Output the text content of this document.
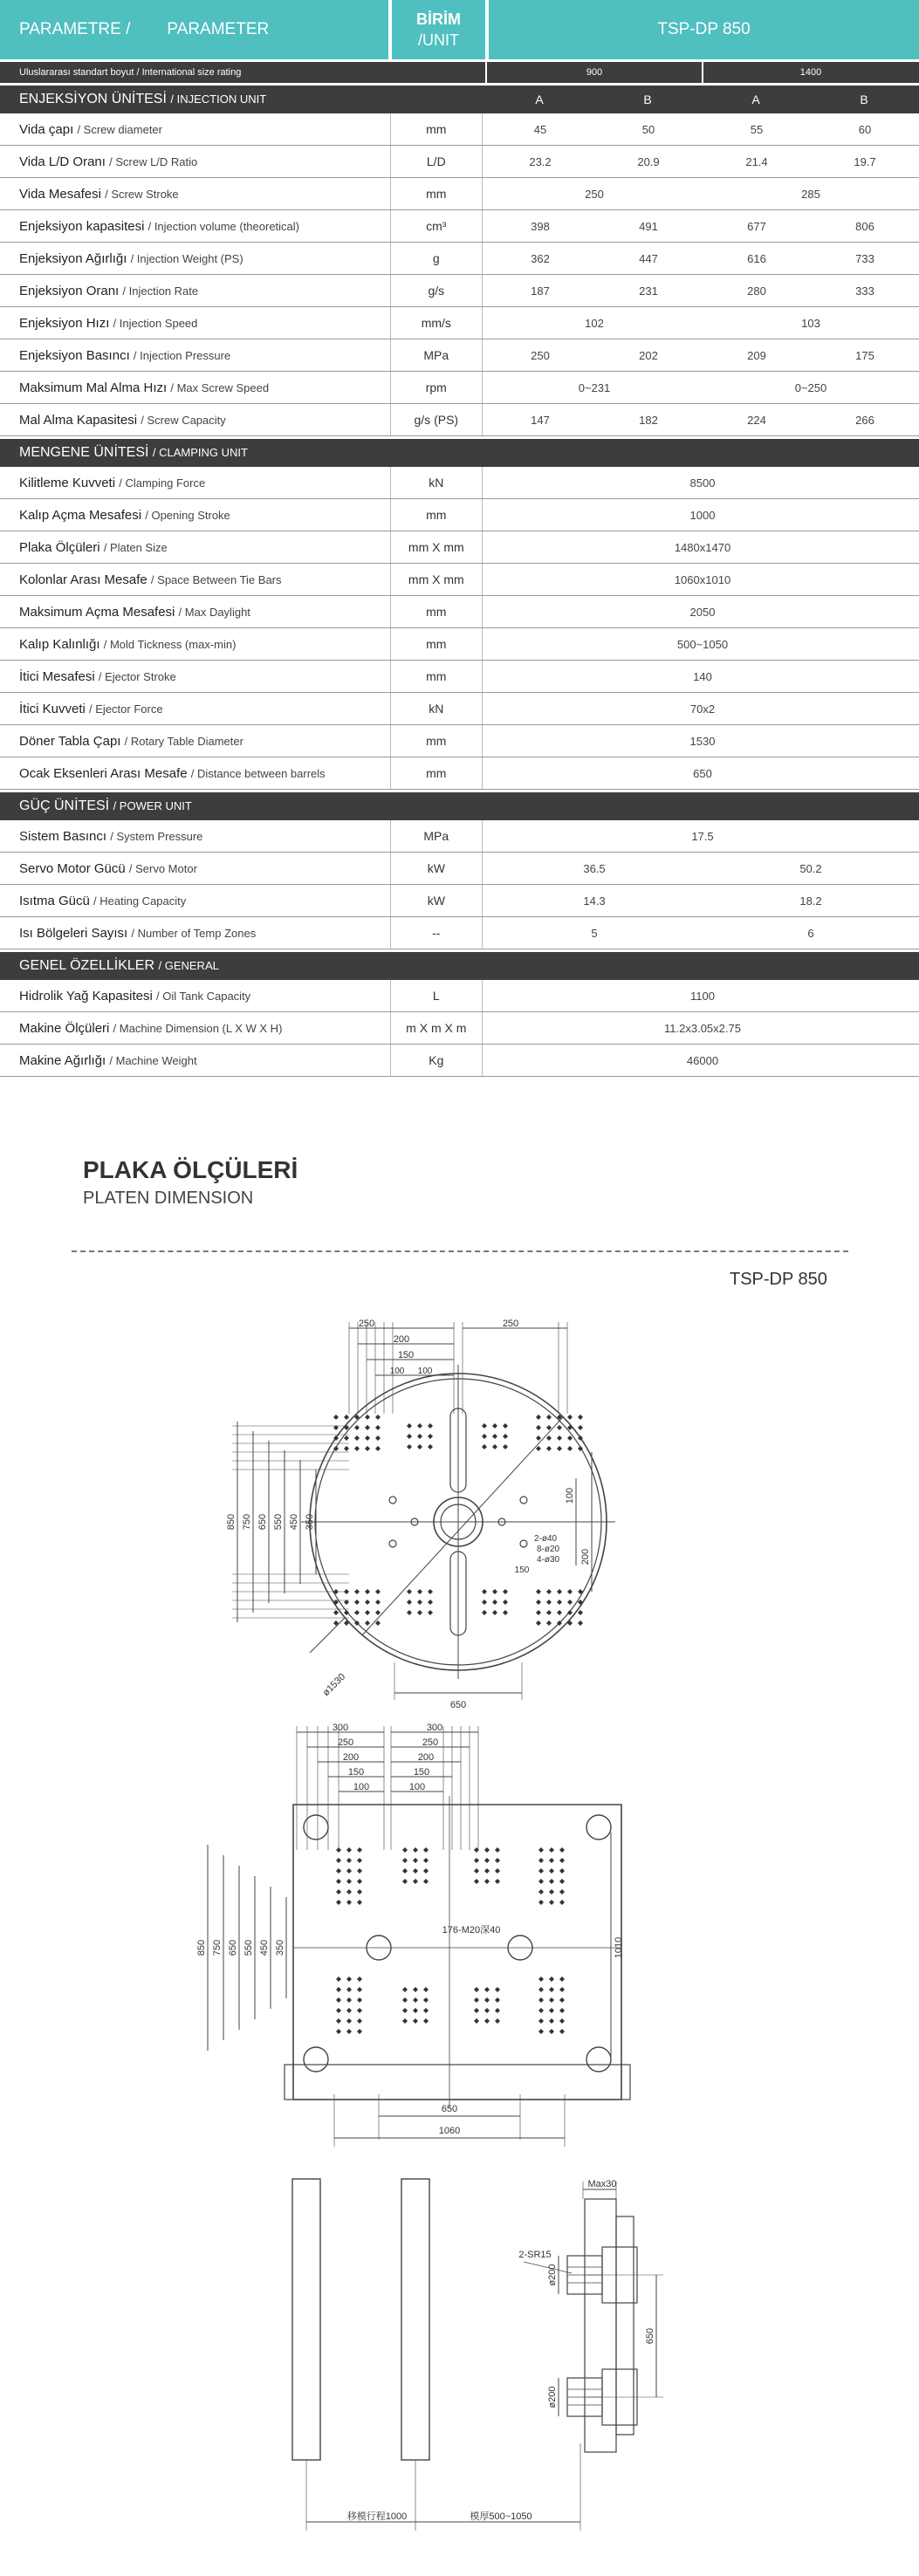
PARAMETRE / PARAMETER
BİRİM
/UNIT
TSP-DP 850
Uluslararası standart boyut / International size rating	900	1400
ENJEKSİYON ÜNİTESİ / INJECTION UNIT	A	B	A	B
Vida çapı / Screw diameter	mm	45	50	55	60
Vida L/D Oranı / Screw L/D Ratio	L/D	23.2	20.9	21.4	19.7
Vida Mesafesi / Screw Stroke	mm	250	285
Enjeksiyon kapasitesi / Injection volume (theoretical)	cm³	398	491	677	806
Enjeksiyon Ağırlığı / Injection Weight (PS)	g	362	447	616	733
Enjeksiyon Oranı / Injection Rate	g/s	187	231	280	333
Enjeksiyon Hızı / Injection Speed	mm/s	102	103
Enjeksiyon Basıncı / Injection Pressure	MPa	250	202	209	175
Maksimum Mal Alma Hızı / Max Screw Speed	rpm	0~231	0~250
Mal Alma Kapasitesi / Screw Capacity	g/s (PS)	147	182	224	266
MENGENE ÜNİTESİ / CLAMPING UNIT
Kilitleme Kuvveti / Clamping Force	kN	8500
Kalıp Açma Mesafesi / Opening Stroke	mm	1000
Plaka Ölçüleri / Platen Size	mm X mm	1480x1470
Kolonlar Arası Mesafe / Space Between Tie Bars	mm X mm	1060x1010
Maksimum Açma Mesafesi / Max Daylight	mm	2050
Kalıp Kalınlığı / Mold Tickness (max-min)	mm	500~1050
İtici Mesafesi / Ejector Stroke	mm	140
İtici Kuvveti / Ejector Force	kN	70x2
Döner Tabla Çapı / Rotary Table Diameter	mm	1530
Ocak Eksenleri Arası Mesafe / Distance between barrels	mm	650
GÜÇ ÜNİTESİ / POWER UNIT
Sistem Basıncı / System Pressure	MPa	17.5
Servo Motor Gücü / Servo Motor	kW	36.5	50.2
Isıtma Gücü / Heating Capacity	kW	14.3	18.2
Isı Bölgeleri Sayısı / Number of Temp Zones	--	5	6
GENEL ÖZELLİKLER / GENERAL
Hidrolik Yağ Kapasitesi / Oil Tank Capacity	L	1100
Makine Ölçüleri / Machine Dimension (L X W X H)	m X m X m	11.2x3.05x2.75
Makine Ağırlığı / Machine Weight	Kg	46000
PLAKA ÖLÇÜLERİ
PLATEN DIMENSION
TSP-DP 850
250	250
200
150
100 100
850 750 650 550 450 350
100
200
2-ø40
8-ø20
4-ø30
150
ø1530
650
176-M20深40
300	300
250	250
200	200
150	150
100	100
850 750 650 550 450 350	1010
650
1060
移模行程1000	模厚500~1050
Max30
2-SR15
ø200
ø200
650
